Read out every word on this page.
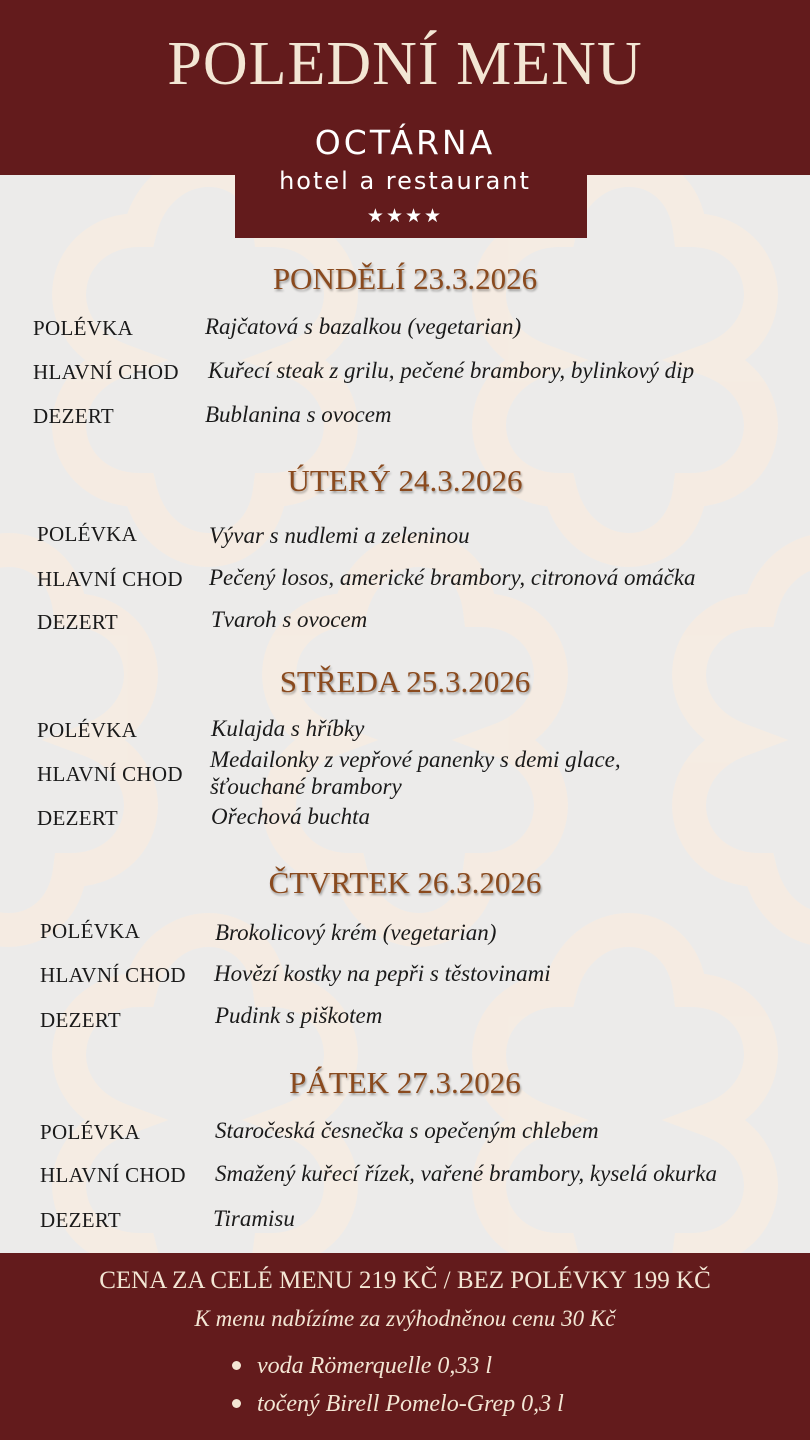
POLEDNÍ MENU
OCTÁRNA
hotel a restaurant
★★★★
PONDĚLÍ 23.3.2026
POLÉVKA	Rajčatová s bazalkou (vegetarian)
HLAVNÍ CHOD Kuřecí steak z grilu, pečené brambory, bylinkový dip
DEZERT	Bublanina s ovocem
ÚTERÝ 24.3.2026
POLÉVKA	Vývar s nudlemi a zeleninou
HLAVNÍ CHOD Pečený losos, americké brambory, citronová omáčka
DEZERT	Tvaroh s ovocem
STŘEDA 25.3.2026
POLÉVKA	Kulajda s hříbky
HLAVNÍ CHOD
Medailonky z vepřové panenky s demi glace,
šťouchané brambory
DEZERT	Ořechová buchta
ČTVRTEK 26.3.2026
POLÉVKA	Brokolicový krém (vegetarian)
HLAVNÍ CHOD Hovězí kostky na pepři s těstovinami
DEZERT	Pudink s piškotem
PÁTEK 27.3.2026
POLÉVKA	Staročeská česnečka s opečeným chlebem
HLAVNÍ CHOD Smažený kuřecí řízek, vařené brambory, kyselá okurka
DEZERT	Tiramisu
CENA ZA CELÉ MENU 219 KČ / BEZ POLÉVKY 199 KČ
K menu nabízíme za zvýhodněnou cenu 30 Kč
voda Römerquelle 0,33 l
točený Birell Pomelo-Grep 0,3 l
